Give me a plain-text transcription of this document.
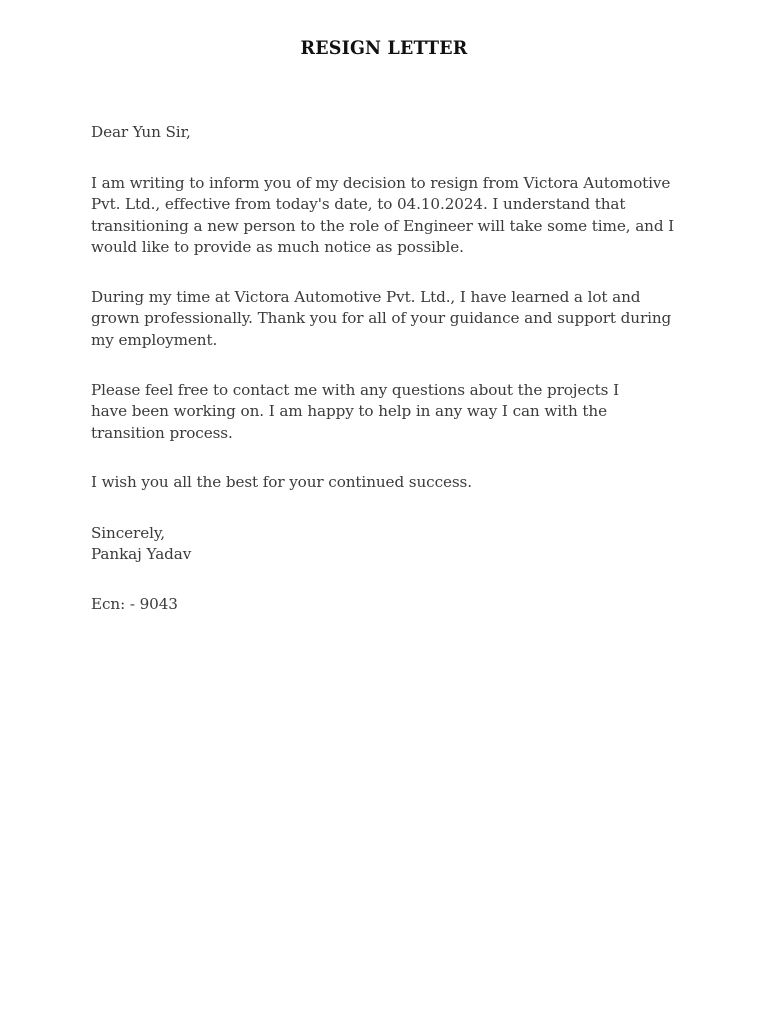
RESIGN LETTER

Dear Yun Sir,

I am writing to inform you of my decision to resign from Victora Automotive Pvt. Ltd., effective from today's date, to 04.10.2024. I understand that transitioning a new person to the role of Engineer will take some time, and I would like to provide as much notice as possible.

During my time at Victora Automotive Pvt. Ltd., I have learned a lot and grown professionally. Thank you for all of your guidance and support during my employment.

Please feel free to contact me with any questions about the projects I have been working on. I am happy to help in any way I can with the transition process.

I wish you all the best for your continued success.

Sincerely,

Pankaj Yadav

Ecn: - 9043
